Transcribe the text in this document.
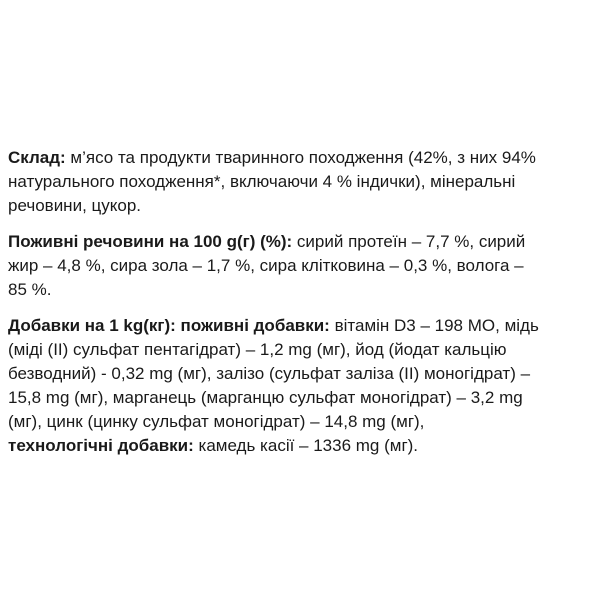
Склад: м’ясо та продукти тваринного походження (42%, з них 94%
натурального походження*, включаючи 4 % індички), мінеральні
речовини, цукор.

Поживні речовини на 100 g(г) (%): сирий протеїн – 7,7 %, сирий
жир – 4,8 %, сира зола – 1,7 %, сира клітковина – 0,3 %, волога –
85 %.

Добавки на 1 kg(кг): поживні добавки: вітамін D3 – 198 МО, мідь
(міді (II) сульфат пентагідрат) – 1,2 mg (мг), йод (йодат кальцію
безводний) - 0,32 mg (мг), залізо (сульфат заліза (II) моногідрат) –
15,8 mg (мг), марганець (марганцю сульфат моногідрат) – 3,2 mg
(мг), цинк (цинку сульфат моногідрат) – 14,8 mg (мг),
технологічні добавки: камедь касії – 1336 mg (мг).
